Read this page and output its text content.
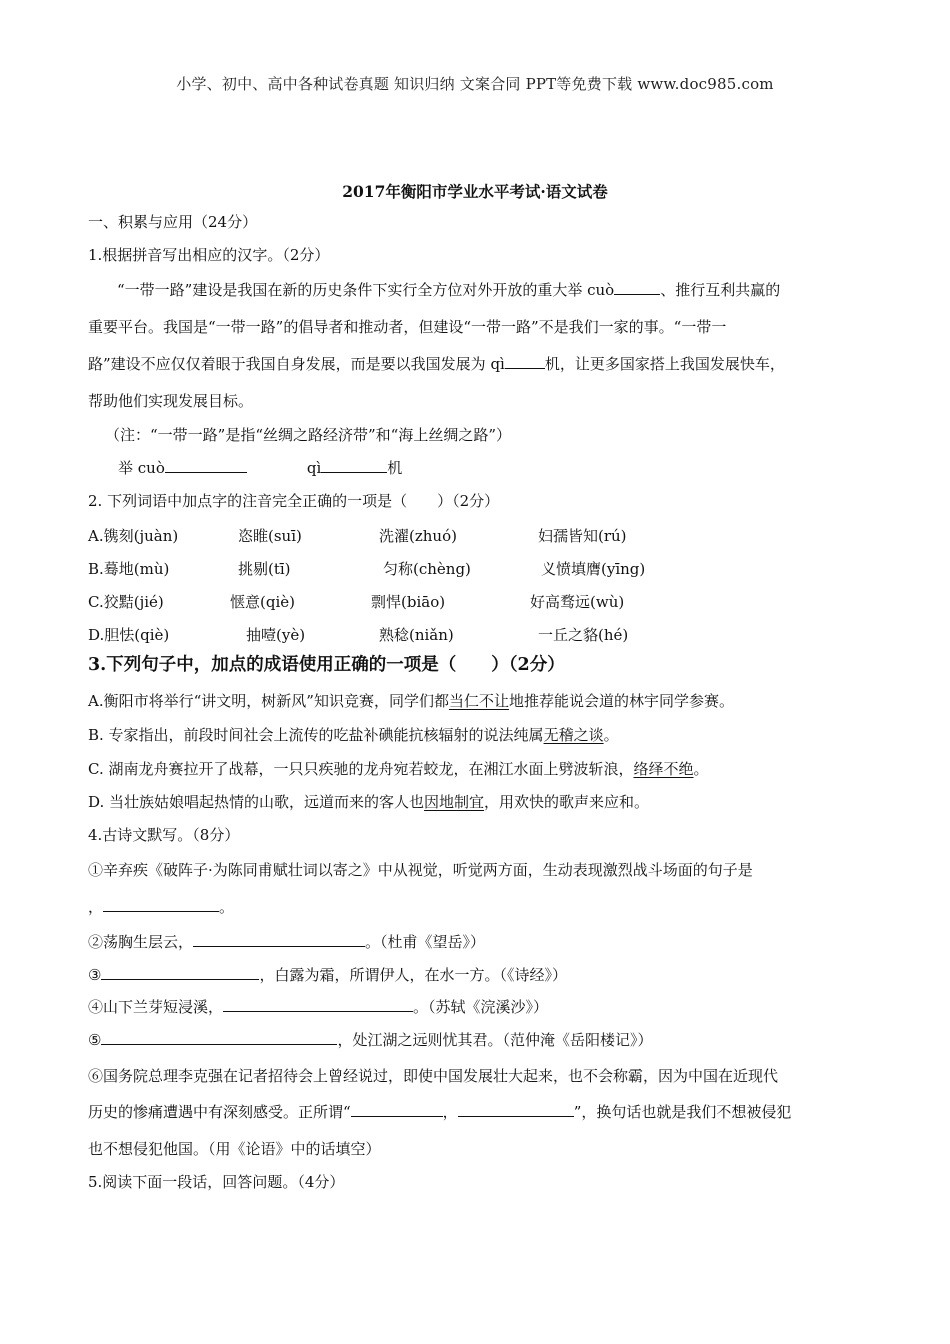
小学、初中、高中各种试卷真题 知识归纳 文案合同 PPT等免费下载 www.doc985.com
2017年衡阳市学业水平考试·语文试卷
一、积累与应用（24分）
1.根据拼音写出相应的汉字。（2分）
“一带一路”建设是我国在新的历史条件下实行全方位对外开放的重大举 cuò	、推行互利共赢的
重要平台。我国是“一带一路”的倡导者和推动者，但建设“一带一路”不是我们一家的事。“一带一
路”建设不应仅仅着眼于我国自身发展，而是要以我国发展为 qì	机，让更多国家搭上我国发展快车，
帮助他们实现发展目标。
（注：“一带一路”是指“丝绸之路经济带”和“海上丝绸之路”）
举 cuò	qì	机
2. 下列词语中加点字的注音完全正确的一项是（　　）（2分）
A.镌刻(juàn)	恣睢(suī)	洗濯(zhuó)	妇孺皆知(rú)
B.蓦地(mù)	挑剔(tī)	匀称(chèng)	义愤填膺(yīng)
C.狡黠(jié)	惬意(qiè)	剽悍(biāo)	好高骛远(wù)
D.胆怯(qiè)	抽噎(yè)	熟稔(niǎn)	一丘之貉(hé)
3.下列句子中，加点的成语使用正确的一项是（　　）（2分）
A.衡阳市将举行“讲文明，树新风”知识竞赛，同学们都当仁不让地推荐能说会道的林宇同学参赛。
B. 专家指出，前段时间社会上流传的吃盐补碘能抗核辐射的说法纯属无稽之谈。
C. 湖南龙舟赛拉开了战幕，一只只疾驰的龙舟宛若蛟龙，在湘江水面上劈波斩浪，络绎不绝。
D. 当壮族姑娘唱起热情的山歌，远道而来的客人也因地制宜，用欢快的歌声来应和。
4.古诗文默写。（8分）
①辛弃疾《破阵子·为陈同甫赋壮词以寄之》中从视觉，听觉两方面，生动表现激烈战斗场面的句子是
，	。
②荡胸生层云，	。（杜甫《望岳》）
③	，白露为霜，所谓伊人，在水一方。（《诗经》）
④山下兰芽短浸溪，	。（苏轼《浣溪沙》）
⑤	，处江湖之远则忧其君。（范仲淹《岳阳楼记》）
⑥国务院总理李克强在记者招待会上曾经说过，即使中国发展壮大起来，也不会称霸，因为中国在近现代
历史的惨痛遭遇中有深刻感受。正所谓“	，	”，换句话也就是我们不想被侵犯
也不想侵犯他国。（用《论语》中的话填空）
5.阅读下面一段话，回答问题。（4分）
